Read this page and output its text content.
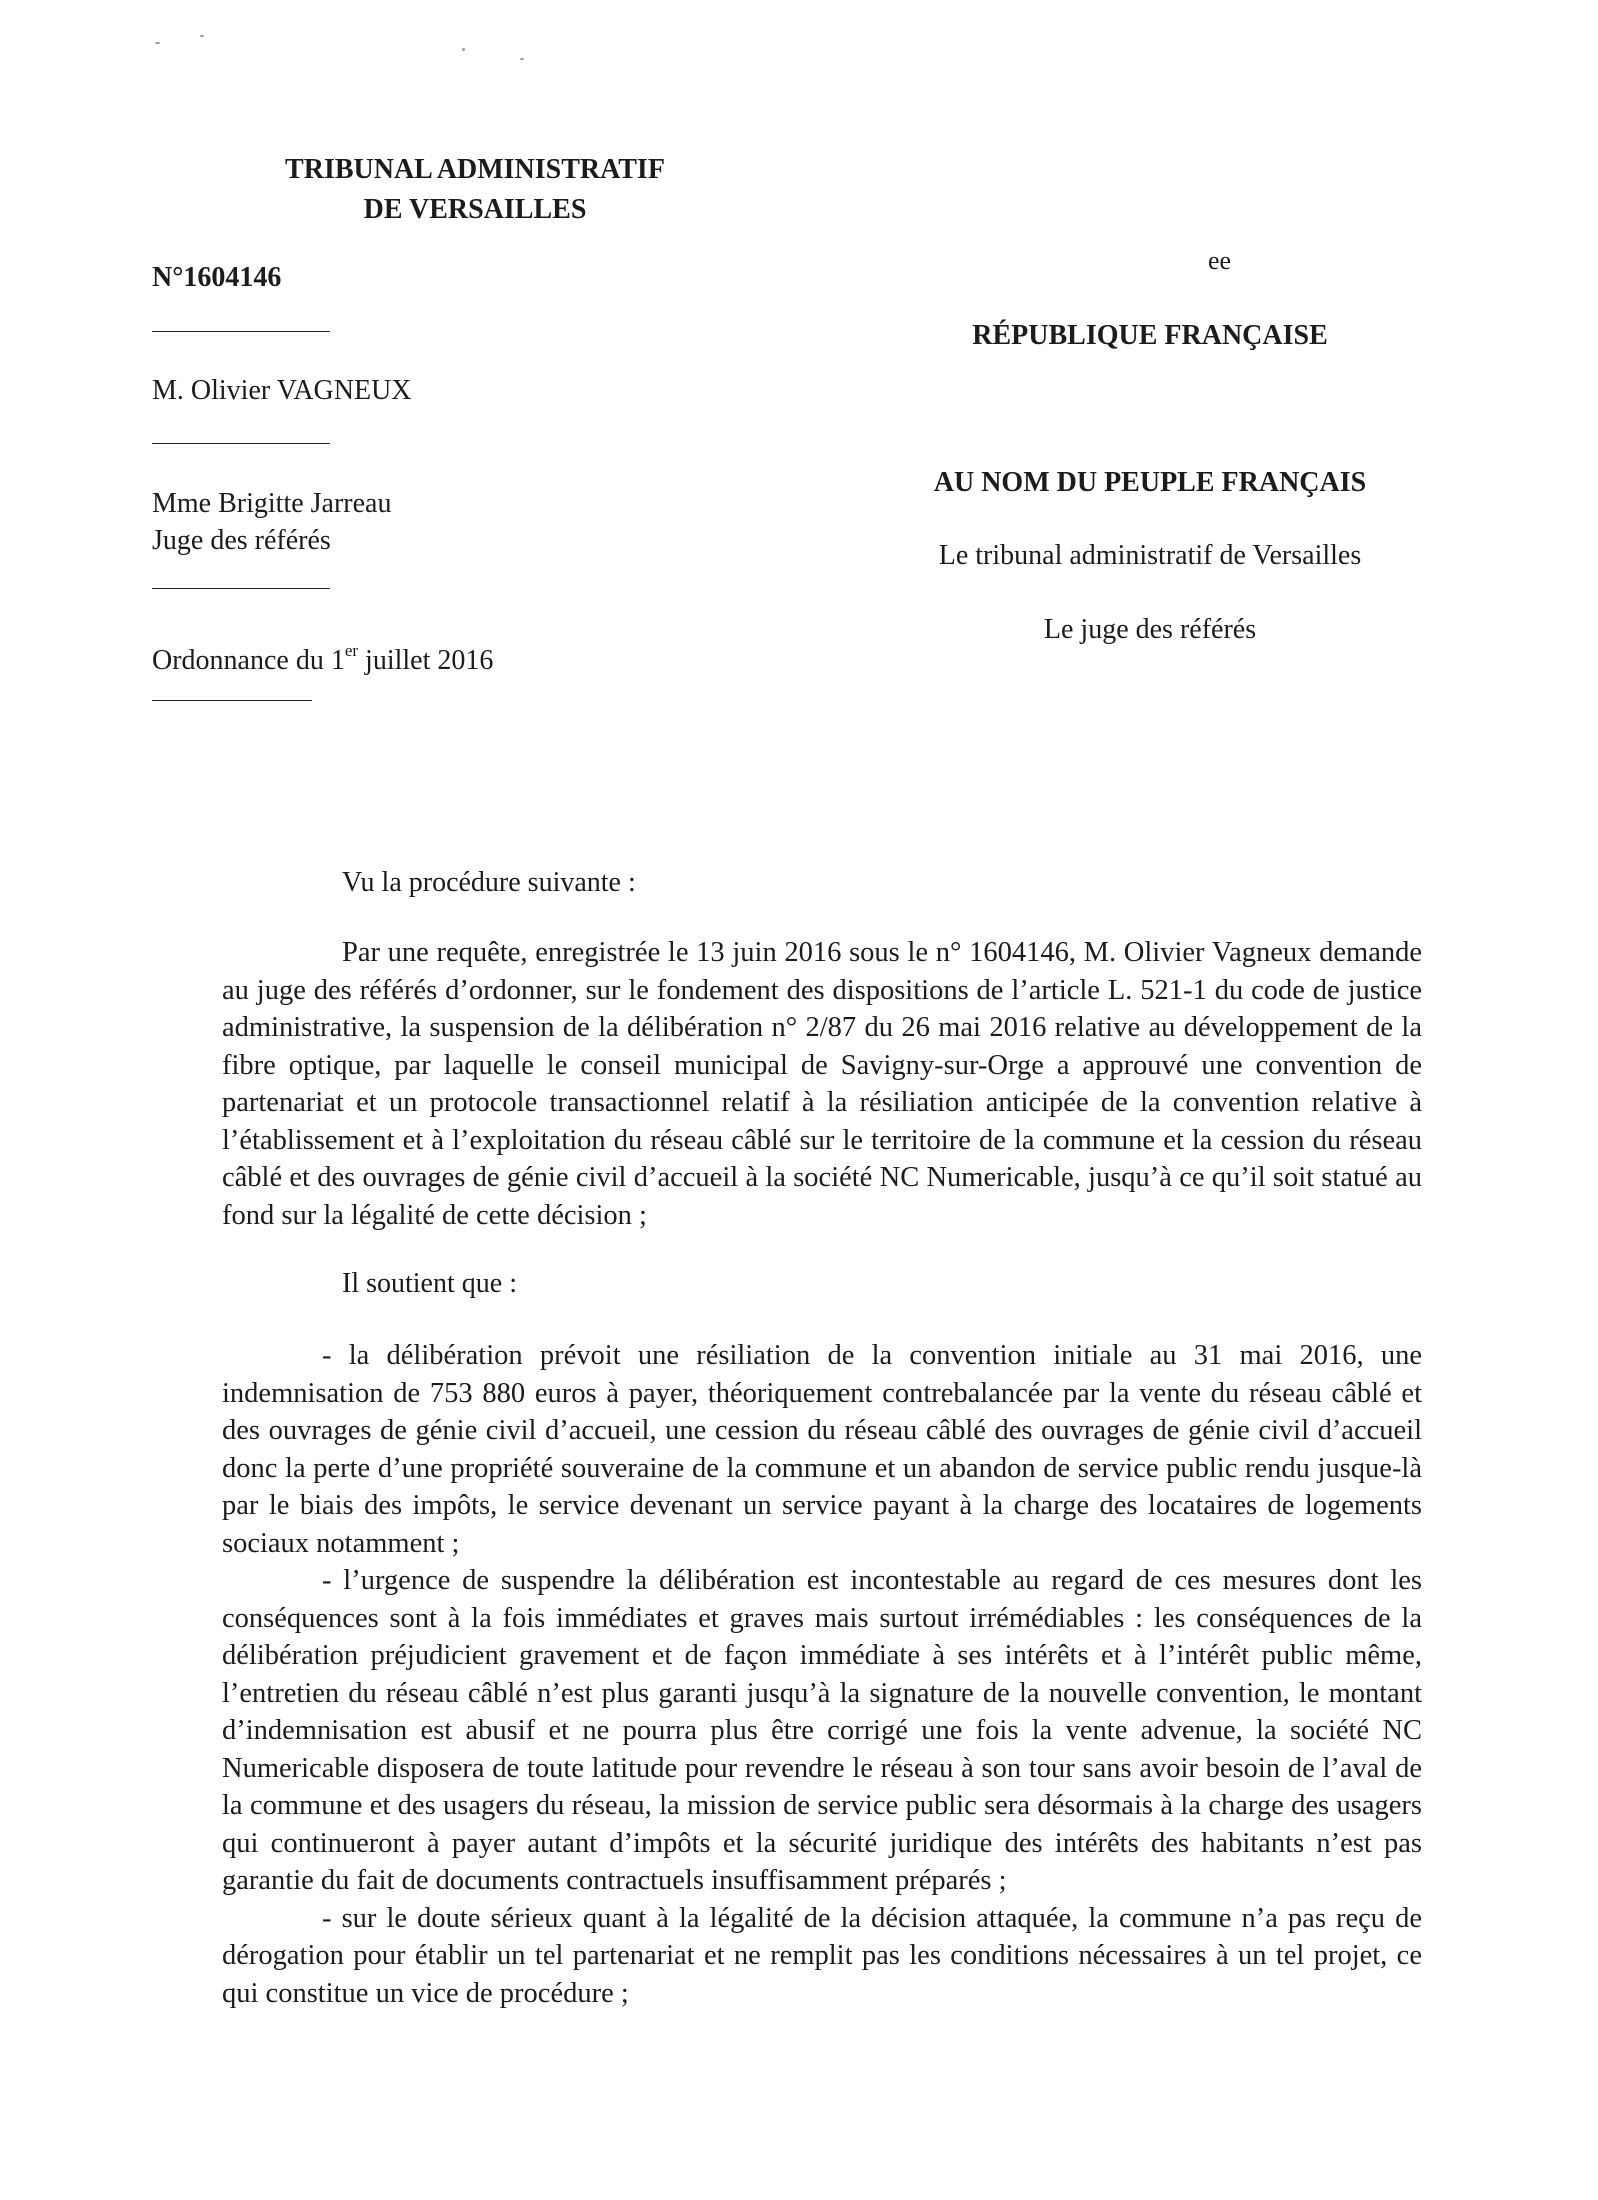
TRIBUNAL ADMINISTRATIF
DE VERSAILLES
N°1604146
M. Olivier VAGNEUX
Mme Brigitte Jarreau
Juge des référés
Ordonnance du 1er juillet 2016
ee
RÉPUBLIQUE FRANÇAISE
AU NOM DU PEUPLE FRANÇAIS
Le tribunal administratif de Versailles
Le juge des référés
Vu la procédure suivante :

Par une requête, enregistrée le 13 juin 2016 sous le n° 1604146, M. Olivier Vagneux demande au juge des référés d’ordonner, sur le fondement des dispositions de l’article L. 521-1 du code de justice administrative, la suspension de la délibération n° 2/87 du 26 mai 2016 relative au développement de la fibre optique, par laquelle le conseil municipal de Savigny-sur-Orge a approuvé une convention de partenariat et un protocole transactionnel relatif à la résiliation anticipée de la convention relative à l’établissement et à l’exploitation du réseau câblé sur le territoire de la commune et la cession du réseau câblé et des ouvrages de génie civil d’accueil à la société NC Numericable, jusqu’à ce qu’il soit statué au fond sur la légalité de cette décision ;

Il soutient que :

- la délibération prévoit une résiliation de la convention initiale au 31 mai 2016, une indemnisation de 753 880 euros à payer, théoriquement contrebalancée par la vente du réseau câblé et des ouvrages de génie civil d’accueil, une cession du réseau câblé des ouvrages de génie civil d’accueil donc la perte d’une propriété souveraine de la commune et un abandon de service public rendu jusque-là par le biais des impôts, le service devenant un service payant à la charge des locataires de logements sociaux notamment ;

- l’urgence de suspendre la délibération est incontestable au regard de ces mesures dont les conséquences sont à la fois immédiates et graves mais surtout irrémédiables : les conséquences de la délibération préjudicient gravement et de façon immédiate à ses intérêts et à l’intérêt public même, l’entretien du réseau câblé n’est plus garanti jusqu’à la signature de la nouvelle convention, le montant d’indemnisation est abusif et ne pourra plus être corrigé une fois la vente advenue, la société NC Numericable disposera de toute latitude pour revendre le réseau à son tour sans avoir besoin de l’aval de la commune et des usagers du réseau, la mission de service public sera désormais à la charge des usagers qui continueront à payer autant d’impôts et la sécurité juridique des intérêts des habitants n’est pas garantie du fait de documents contractuels insuffisamment préparés ;

- sur le doute sérieux quant à la légalité de la décision attaquée, la commune n’a pas reçu de dérogation pour établir un tel partenariat et ne remplit pas les conditions nécessaires à un tel projet, ce qui constitue un vice de procédure ;
